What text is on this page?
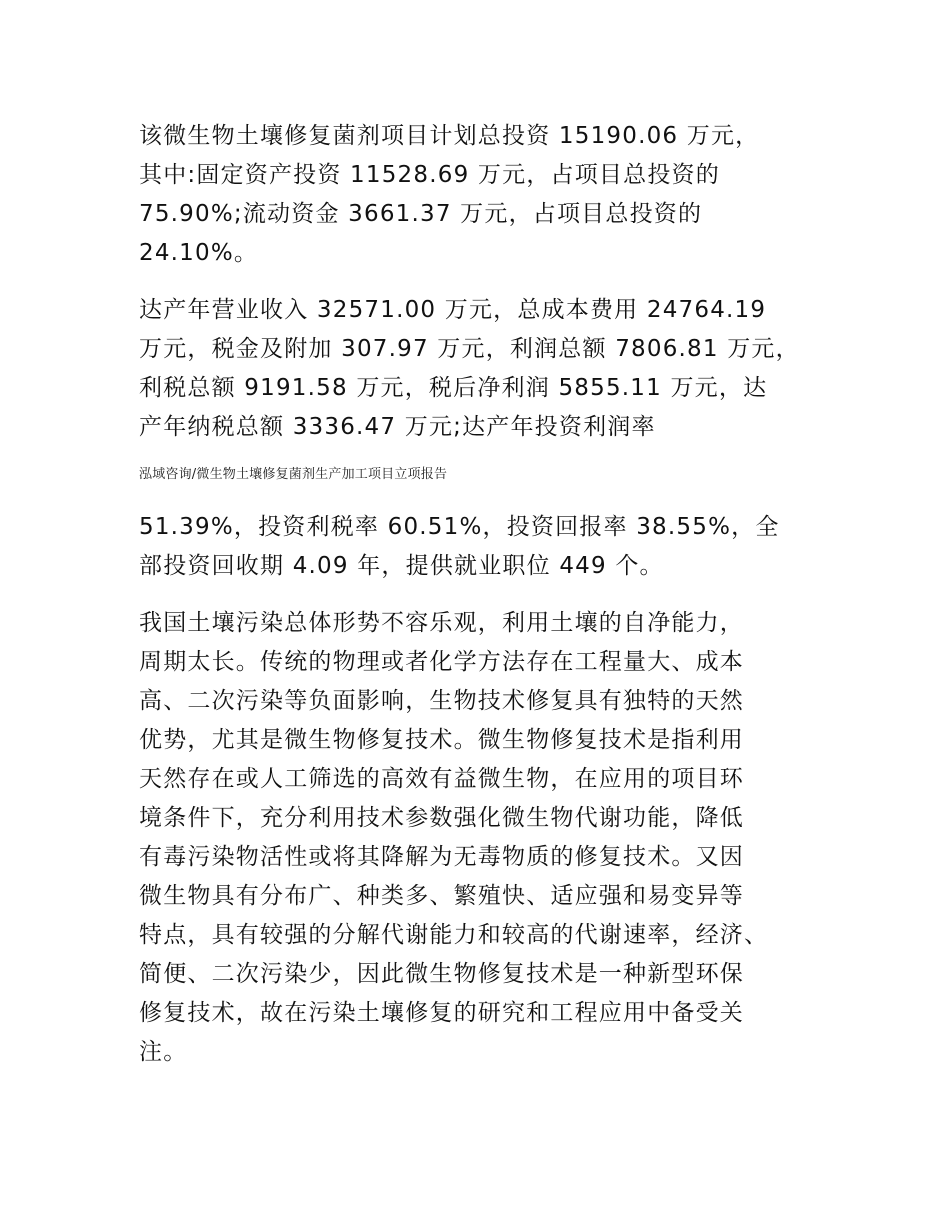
该微生物土壤修复菌剂项目计划总投资 15190.06 万元，
其中:固定资产投资 11528.69 万元，占项目总投资的
75.90%;流动资金 3661.37 万元，占项目总投资的
24.10%。

达产年营业收入 32571.00 万元，总成本费用 24764.19
万元，税金及附加 307.97 万元，利润总额 7806.81 万元，
利税总额 9191.58 万元，税后净利润 5855.11 万元，达
产年纳税总额 3336.47 万元;达产年投资利润率

泓域咨询/微生物土壤修复菌剂生产加工项目立项报告

51.39%，投资利税率 60.51%，投资回报率 38.55%，全
部投资回收期 4.09 年，提供就业职位 449 个。

我国土壤污染总体形势不容乐观，利用土壤的自净能力，
周期太长。传统的物理或者化学方法存在工程量大、成本
高、二次污染等负面影响，生物技术修复具有独特的天然
优势，尤其是微生物修复技术。微生物修复技术是指利用
天然存在或人工筛选的高效有益微生物，在应用的项目环
境条件下，充分利用技术参数强化微生物代谢功能，降低
有毒污染物活性或将其降解为无毒物质的修复技术。又因
微生物具有分布广、种类多、繁殖快、适应强和易变异等
特点，具有较强的分解代谢能力和较高的代谢速率，经济、
简便、二次污染少，因此微生物修复技术是一种新型环保
修复技术，故在污染土壤修复的研究和工程应用中备受关
注。
